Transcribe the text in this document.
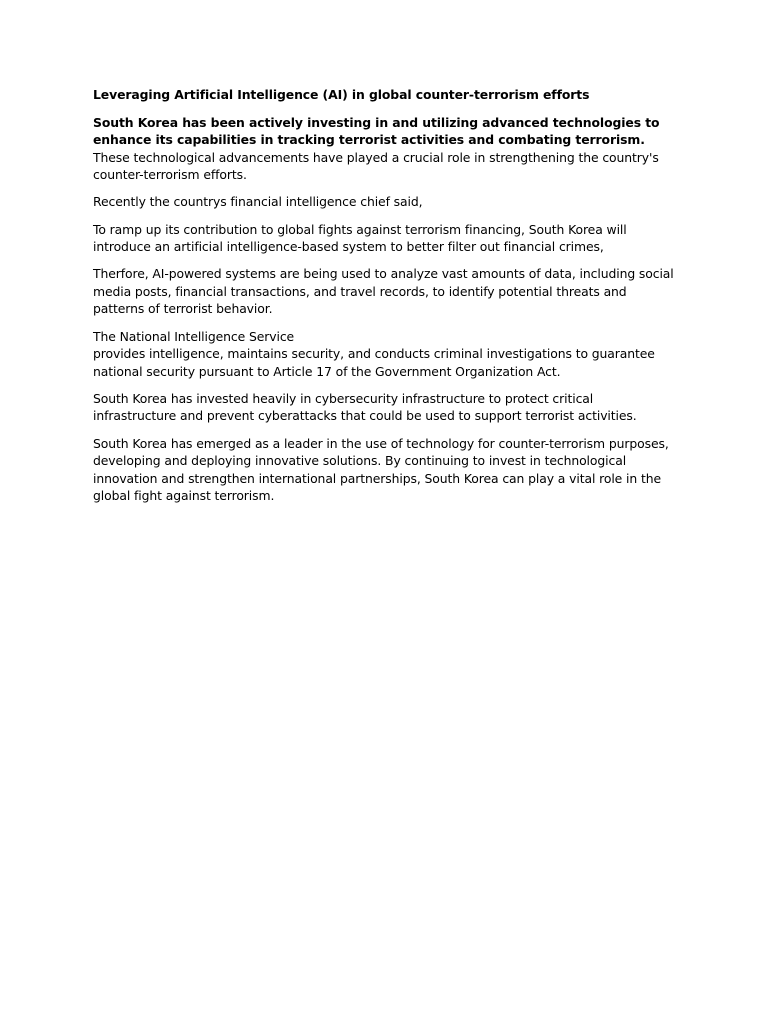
Leveraging Artificial Intelligence (AI) in global counter-terrorism efforts

South Korea has been actively investing in and utilizing advanced technologies to enhance its capabilities in tracking terrorist activities and combating terrorism. These technological advancements have played a crucial role in strengthening the country's counter-terrorism efforts.

Recently the countrys financial intelligence chief said,

To ramp up its contribution to global fights against terrorism financing, South Korea will introduce an artificial intelligence-based system to better filter out financial crimes,

Therfore, AI-powered systems are being used to analyze vast amounts of data, including social media posts, financial transactions, and travel records, to identify potential threats and patterns of terrorist behavior.

The National Intelligence Service
provides intelligence, maintains security, and conducts criminal investigations to guarantee national security pursuant to Article 17 of the Government Organization Act.

South Korea has invested heavily in cybersecurity infrastructure to protect critical infrastructure and prevent cyberattacks that could be used to support terrorist activities.

South Korea has emerged as a leader in the use of technology for counter-terrorism purposes, developing and deploying innovative solutions. By continuing to invest in technological innovation and strengthen international partnerships, South Korea can play a vital role in the global fight against terrorism.
